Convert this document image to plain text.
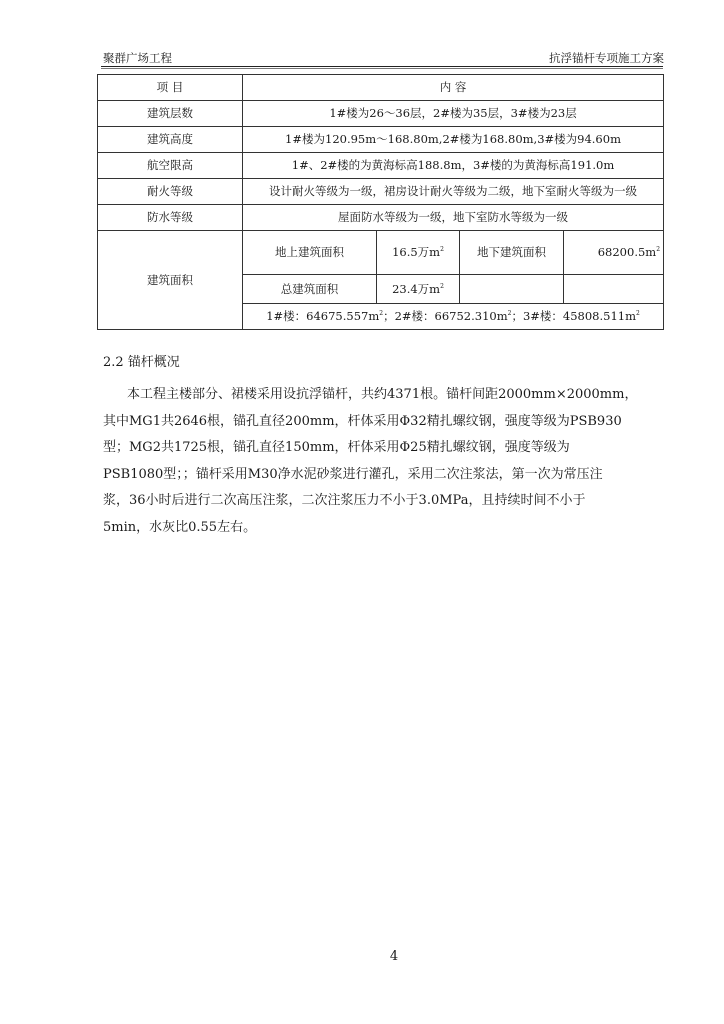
聚群广场工程	抗浮锚杆专项施工方案
项 目	内 容			
建筑层数	1#楼为26～36层，2#楼为35层，3#楼为23层			
建筑高度	1#楼为120.95m～168.80m,2#楼为168.80m,3#楼为94.60m			
航空限高	1#、2#楼的为黄海标高188.8m，3#楼的为黄海标高191.0m			
耐火等级	设计耐火等级为一级，裙房设计耐火等级为二级，地下室耐火等级为一级			
防水等级	屋面防水等级为一级，地下室防水等级为一级			
建筑面积	地上建筑面积	16.5万$m^2$	地下建筑面积	$68200.5m^2$
	总建筑面积	23.4万$m^2$		
	1#楼：$64675.557m^2$；2#楼：$66752.310m^2$；3#楼：$45808.511m^2$
2.2 锚杆概况

本工程主楼部分、裙楼采用设抗浮锚杆，共约4371根。锚杆间距2000mm×2000mm，

其中MG1共2646根，锚孔直径200mm，杆体采用Φ32精扎螺纹钢，强度等级为PSB930

型；MG2共1725根，锚孔直径150mm，杆体采用Φ25精扎螺纹钢，强度等级为

PSB1080型；；锚杆采用M30净水泥砂浆进行灌孔，采用二次注浆法，第一次为常压注

浆，36小时后进行二次高压注浆，二次注浆压力不小于3.0MPa，且持续时间不小于

5min，水灰比0.55左右。

4
